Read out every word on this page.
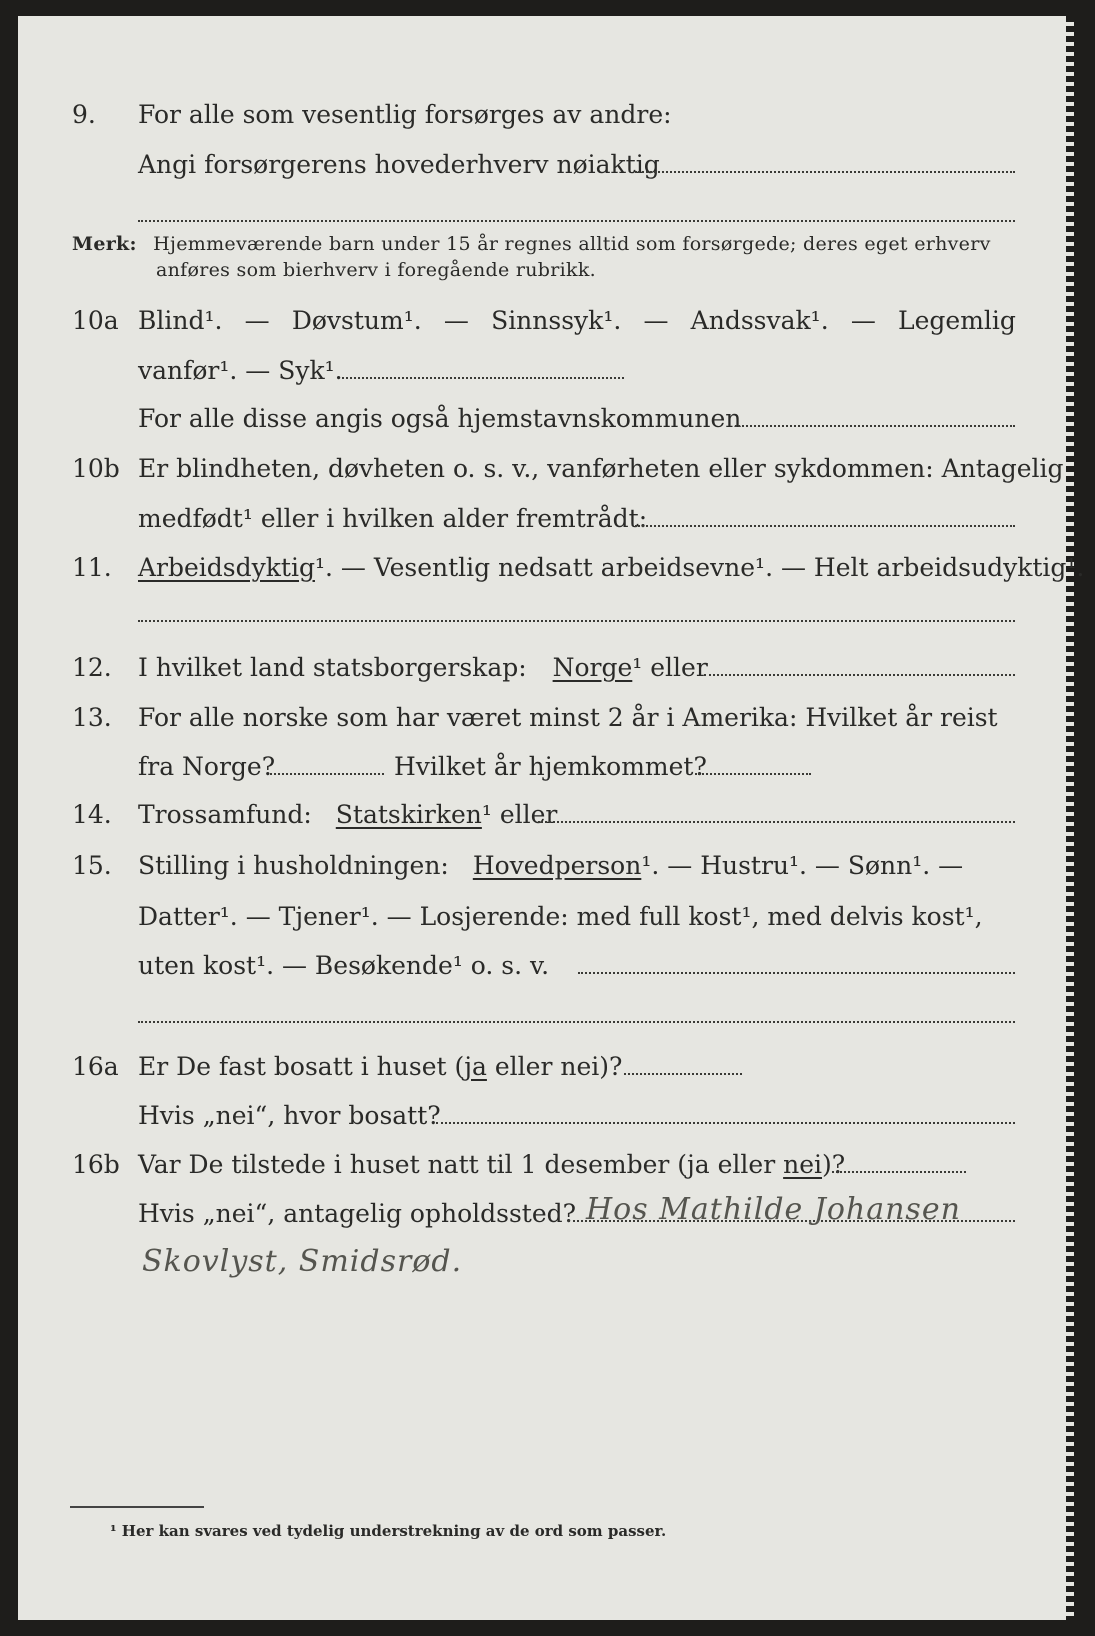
9. For alle som vesentlig forsørges av andre:
Angi forsørgerens hovederhverv nøiaktig
Merk: Hjemmeværende barn under 15 år regnes alltid som forsørgede; deres eget erhverv
anføres som bierhverv i foregående rubrikk.
10a Blind¹. — Døvstum¹. — Sinnssyk¹. — Andssvak¹. — Legemlig
vanfør¹. — Syk¹.
For alle disse angis også hjemstavnskommunen
10b Er blindheten, døvheten o. s. v., vanførheten eller sykdommen: Antagelig
medfødt¹ eller i hvilken alder fremtrådt:
11. Arbeidsdyktig¹. — Vesentlig nedsatt arbeidsevne¹. — Helt arbeidsudyktig¹.
12. I hvilket land statsborgerskap: Norge¹ eller
13. For alle norske som har været minst 2 år i Amerika: Hvilket år reist
fra Norge?	Hvilket år hjemkommet?
14. Trossamfund: Statskirken¹ eller
15. Stilling i husholdningen: Hovedperson¹. — Hustru¹. — Sønn¹. —
Datter¹. — Tjener¹. — Losjerende: med full kost¹, med delvis kost¹,
uten kost¹. — Besøkende¹ o. s. v.
16a Er De fast bosatt i huset (ja eller nei)?
Hvis „nei“, hvor bosatt?
16b Var De tilstede i huset natt til 1 desember (ja eller nei)?
Hvis „nei“, antagelig opholdssted? Hos Mathilde Johansen
Skovlyst, Smidsrød.
¹ Her kan svares ved tydelig understrekning av de ord som passer.
